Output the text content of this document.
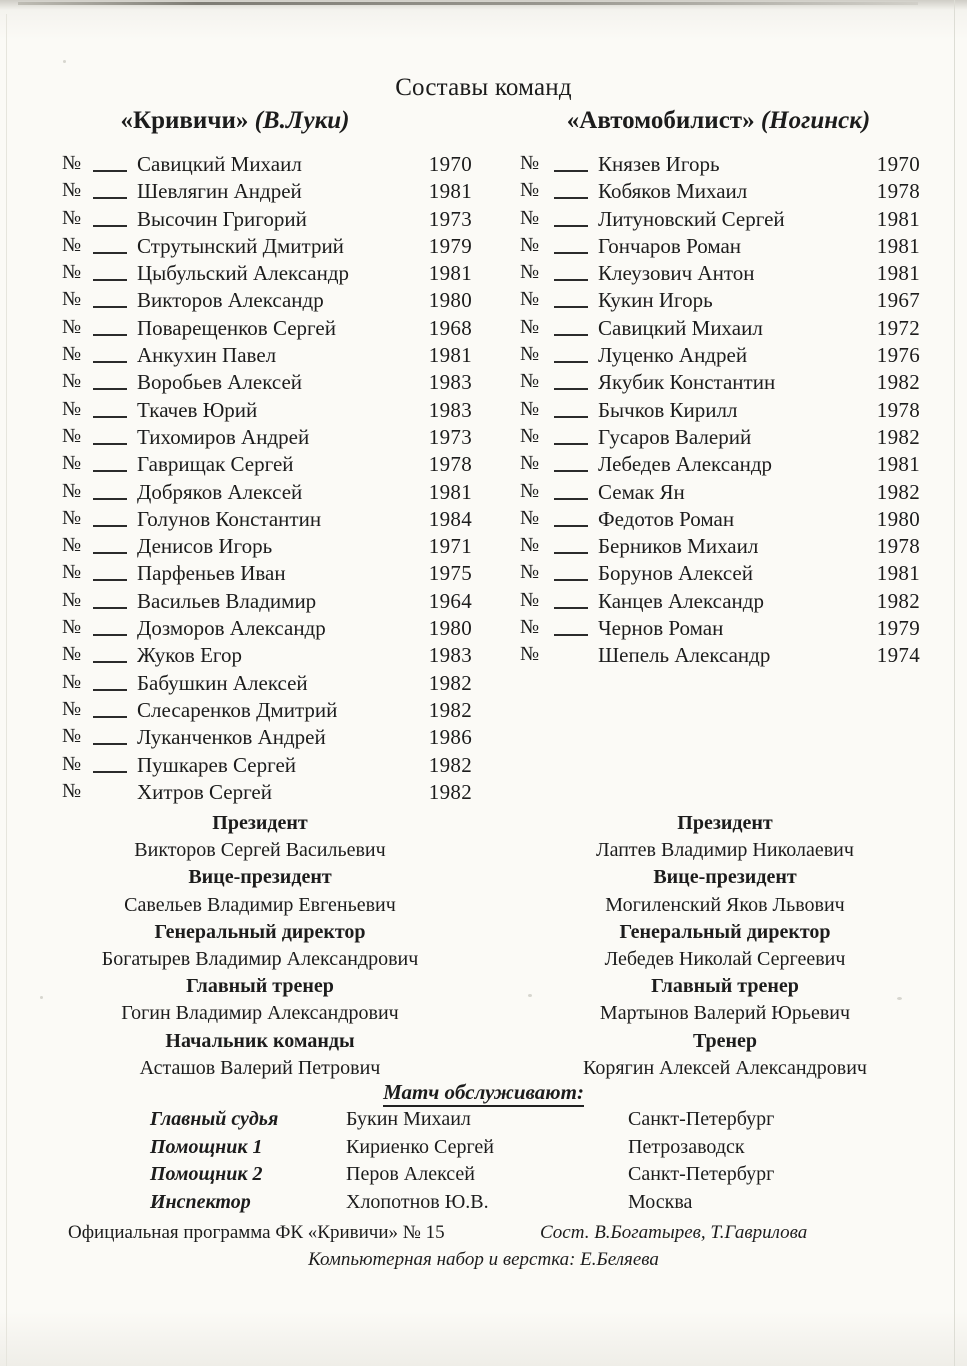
Составы команд
«Кривичи» (В.Луки)	«Автомобилист» (Ногинск)
№	Савицкий Михаил	1970
№	Шевлягин Андрей	1981
№	Высочин Григорий	1973
№	Струтынский Дмитрий	1979
№	Цыбульский Александр	1981
№	Викторов Александр	1980
№	Поварещенков Сергей	1968
№	Анкухин Павел	1981
№	Воробьев Алексей	1983
№	Ткачев Юрий	1983
№	Тихомиров Андрей	1973
№	Гаврищак Сергей	1978
№	Добряков Алексей	1981
№	Голунов Константин	1984
№	Денисов Игорь	1971
№	Парфеньев Иван	1975
№	Васильев Владимир	1964
№	Дозморов Александр	1980
№	Жуков Егор	1983
№	Бабушкин Алексей	1982
№	Слесаренков Дмитрий	1982
№	Луканченков Андрей	1986
№	Пушкарев Сергей	1982
№	Хитров Сергей	1982
№	Князев Игорь	1970
№	Кобяков Михаил	1978
№	Литуновский Сергей	1981
№	Гончаров Роман	1981
№	Клеузович Антон	1981
№	Кукин Игорь	1967
№	Савицкий Михаил	1972
№	Луценко Андрей	1976
№	Якубик Константин	1982
№	Бычков Кирилл	1978
№	Гусаров Валерий	1982
№	Лебедев Александр	1981
№	Семак Ян	1982
№	Федотов Роман	1980
№	Берников Михаил	1978
№	Борунов Алексей	1981
№	Канцев Александр	1982
№	Чернов Роман	1979
№	Шепель Александр	1974
Президент
Викторов Сергей Васильевич
Вице-президент
Савельев Владимир Евгеньевич
Генеральный директор
Богатырев Владимир Александрович
Главный тренер
Гогин Владимир Александрович
Начальник команды
Асташов Валерий Петрович
Президент
Лаптев Владимир Николаевич
Вице-президент
Могиленский Яков Львович
Генеральный директор
Лебедев Николай Сергеевич
Главный тренер
Мартынов Валерий Юрьевич
Тренер
Корягин Алексей Александрович
Матч обслуживают:
Главный судья	Букин Михаил	Санкт-Петербург
Помощник 1	Кириенко Сергей	Петрозаводск
Помощник 2	Перов Алексей	Санкт-Петербург
Инспектор	Хлопотнов Ю.В.	Москва
Официальная программа ФК «Кривичи» № 15	Сост. В.Богатырев, Т.Гаврилова
Компьютерная набор и верстка: Е.Беляева
